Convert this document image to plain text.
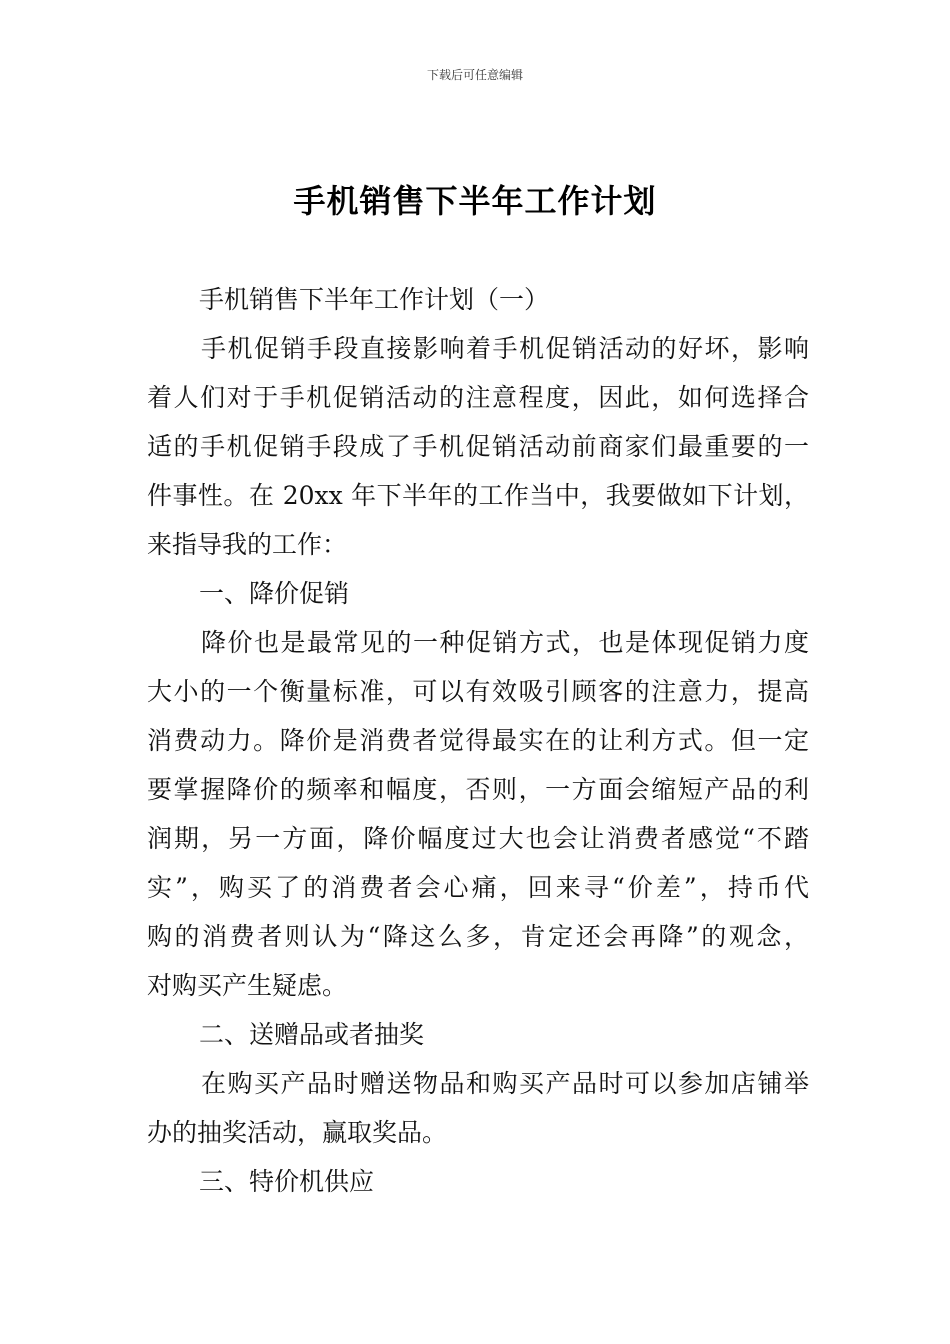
下载后可任意编辑
手机销售下半年工作计划
手机销售下半年工作计划（一）
手机促销手段直接影响着手机促销活动的好坏，影响
着人们对于手机促销活动的注意程度，因此，如何选择合
适的手机促销手段成了手机促销活动前商家们最重要的一
件事性。在 20xx 年下半年的工作当中，我要做如下计划，
来指导我的工作：
一、降价促销
降价也是最常见的一种促销方式，也是体现促销力度
大小的一个衡量标准，可以有效吸引顾客的注意力，提高
消费动力。降价是消费者觉得最实在的让利方式。但一定
要掌握降价的频率和幅度，否则，一方面会缩短产品的利
润期，另一方面，降价幅度过大也会让消费者感觉“不踏
实”，购买了的消费者会心痛，回来寻“价差”，持币代
购的消费者则认为“降这么多，肯定还会再降”的观念，
对购买产生疑虑。
二、送赠品或者抽奖
在购买产品时赠送物品和购买产品时可以参加店铺举
办的抽奖活动，赢取奖品。
三、特价机供应
